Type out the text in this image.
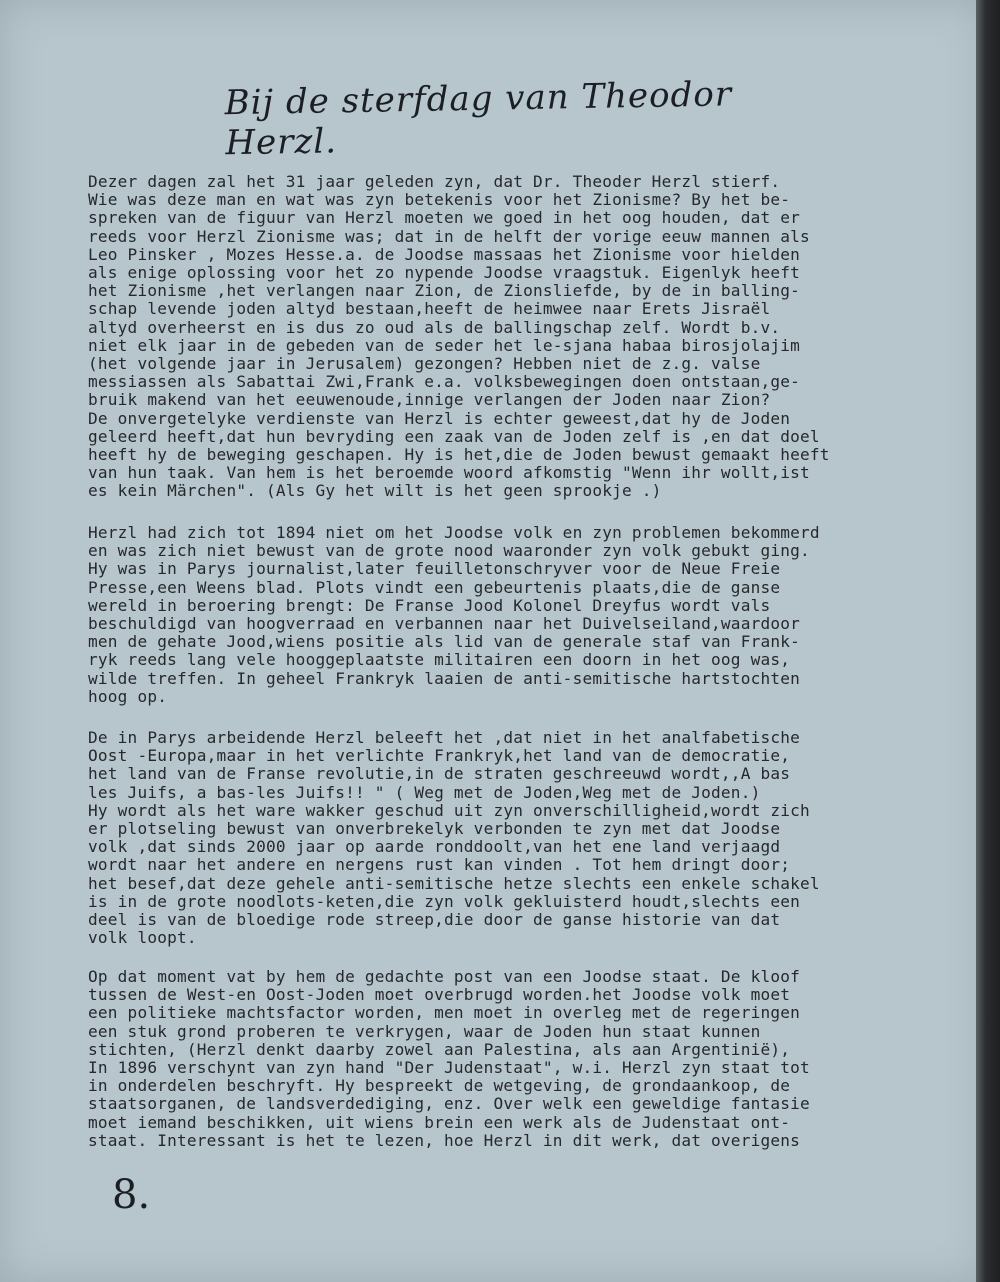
Bij de sterfdag van Theodor Herzl.
Dezer dagen zal het 31 jaar geleden zyn, dat Dr. Theoder Herzl stierf.
Wie was deze man en wat was zyn betekenis voor het Zionisme? By het be-
spreken van de figuur van Herzl moeten we goed in het oog houden, dat er
reeds voor Herzl Zionisme was; dat in de helft der vorige eeuw mannen als
Leo Pinsker , Mozes Hesse.a. de Joodse massaas het Zionisme voor hielden
als enige oplossing voor het zo nypende Joodse vraagstuk. Eigenlyk heeft
het Zionisme ,het verlangen naar Zion, de Zionsliefde, by de in balling-
schap levende joden altyd bestaan,heeft de heimwee naar Erets Jisraël
altyd overheerst en is dus zo oud als de ballingschap zelf. Wordt b.v.
niet elk jaar in de gebeden van de seder het le-sjana habaa birosjolajim
(het volgende jaar in Jerusalem) gezongen? Hebben niet de z.g. valse
messiassen als Sabattai Zwi,Frank e.a. volksbewegingen doen ontstaan,ge-
bruik makend van het eeuwenoude,innige verlangen der Joden naar Zion?
De onvergetelyke verdienste van Herzl is echter geweest,dat hy de Joden
geleerd heeft,dat hun bevryding een zaak van de Joden zelf is ,en dat doel
heeft hy de beweging geschapen. Hy is het,die de Joden bewust gemaakt heeft
van hun taak. Van hem is het beroemde woord afkomstig "Wenn ihr wollt,ist
es kein Märchen". (Als Gy het wilt is het geen sprookje .)
Herzl had zich tot 1894 niet om het Joodse volk en zyn problemen bekommerd
en was zich niet bewust van de grote nood waaronder zyn volk gebukt ging.
Hy was in Parys journalist,later feuilletonschryver voor de Neue Freie
Presse,een Weens blad. Plots vindt een gebeurtenis plaats,die de ganse
wereld in beroering brengt: De Franse Jood Kolonel Dreyfus wordt vals
beschuldigd van hoogverraad en verbannen naar het Duivelseiland,waardoor
men de gehate Jood,wiens positie als lid van de generale staf van Frank-
ryk reeds lang vele hooggeplaatste militairen een doorn in het oog was,
wilde treffen. In geheel Frankryk laaien de anti-semitische hartstochten
hoog op.
De in Parys arbeidende Herzl beleeft het ,dat niet in het analfabetische
Oost -Europa,maar in het verlichte Frankryk,het land van de democratie,
het land van de Franse revolutie,in de straten geschreeuwd wordt,,A bas
les Juifs, a bas-les Juifs!! " ( Weg met de Joden,Weg met de Joden.)
Hy wordt als het ware wakker geschud uit zyn onverschilligheid,wordt zich
er plotseling bewust van onverbrekelyk verbonden te zyn met dat Joodse
volk ,dat sinds 2000 jaar op aarde ronddoolt,van het ene land verjaagd
wordt naar het andere en nergens rust kan vinden . Tot hem dringt door;
het besef,dat deze gehele anti-semitische hetze slechts een enkele schakel
is in de grote noodlots-keten,die zyn volk gekluisterd houdt,slechts een
deel is van de bloedige rode streep,die door de ganse historie van dat
volk loopt.
Op dat moment vat by hem de gedachte post van een Joodse staat. De kloof
tussen de West-en Oost-Joden moet overbrugd worden.het Joodse volk moet
een politieke machtsfactor worden, men moet in overleg met de regeringen
een stuk grond proberen te verkrygen, waar de Joden hun staat kunnen
stichten, (Herzl denkt daarby zowel aan Palestina, als aan Argentinië),
In 1896 verschynt van zyn hand "Der Judenstaat", w.i. Herzl zyn staat tot
in onderdelen beschryft. Hy bespreekt de wetgeving, de grondaankoop, de
staatsorganen, de landsverdediging, enz. Over welk een geweldige fantasie
moet iemand beschikken, uit wiens brein een werk als de Judenstaat ont-
staat. Interessant is het te lezen, hoe Herzl in dit werk, dat overigens
8.
